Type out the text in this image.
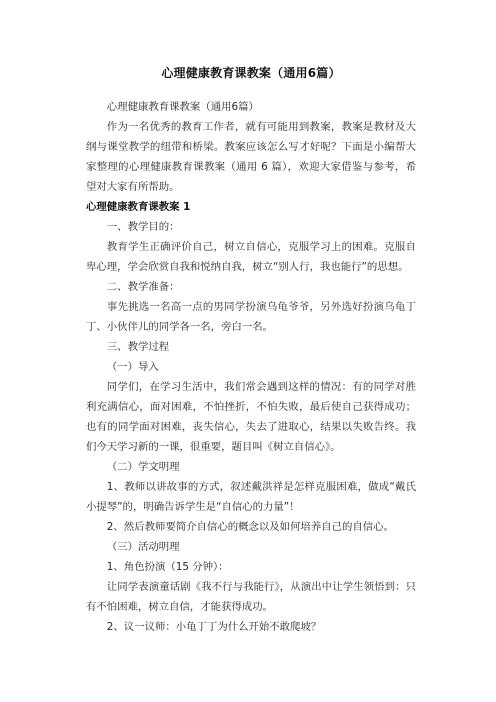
心理健康教育课教案（通用6篇）

心理健康教育课教案（通用6篇）

作为一名优秀的教育工作者，就有可能用到教案，教案是教材及大纲与课堂教学的纽带和桥梁。教案应该怎么写才好呢？下面是小编帮大家整理的心理健康教育课教案（通用 6 篇），欢迎大家借鉴与参考，希望对大家有所帮助。

心理健康教育课教案 1

一、教学目的：

教育学生正确评价自己，树立自信心，克服学习上的困难。克服自卑心理，学会欣赏自我和悦纳自我，树立“别人行，我也能行”的思想。

二、教学准备：

事先挑选一名高一点的男同学扮演乌龟爷爷，另外选好扮演乌龟丁丁、小伙伴儿的同学各一名，旁白一名。

三、教学过程

（一）导入

同学们，在学习生活中，我们常会遇到这样的情况：有的同学对胜利充满信心，面对困难，不怕挫折，不怕失败，最后使自己获得成功；也有的同学面对困难，丧失信心，失去了进取心，结果以失败告终。我们今天学习新的一课，很重要，题目叫《树立自信心》。

（二）学文明理

1、教师以讲故事的方式，叙述戴洪祥是怎样克服困难，做成“戴氏小提琴”的，明确告诉学生是“自信心的力量”！

2、然后教师要简介自信心的概念以及如何培养自己的自信心。

（三）活动明理

1、角色扮演（15 分钟）：

让同学表演童话剧《我不行与我能行》，从演出中让学生领悟到：只有不怕困难，树立自信，才能获得成功。

2、议一议师：小龟丁丁为什么开始不敢爬坡？
